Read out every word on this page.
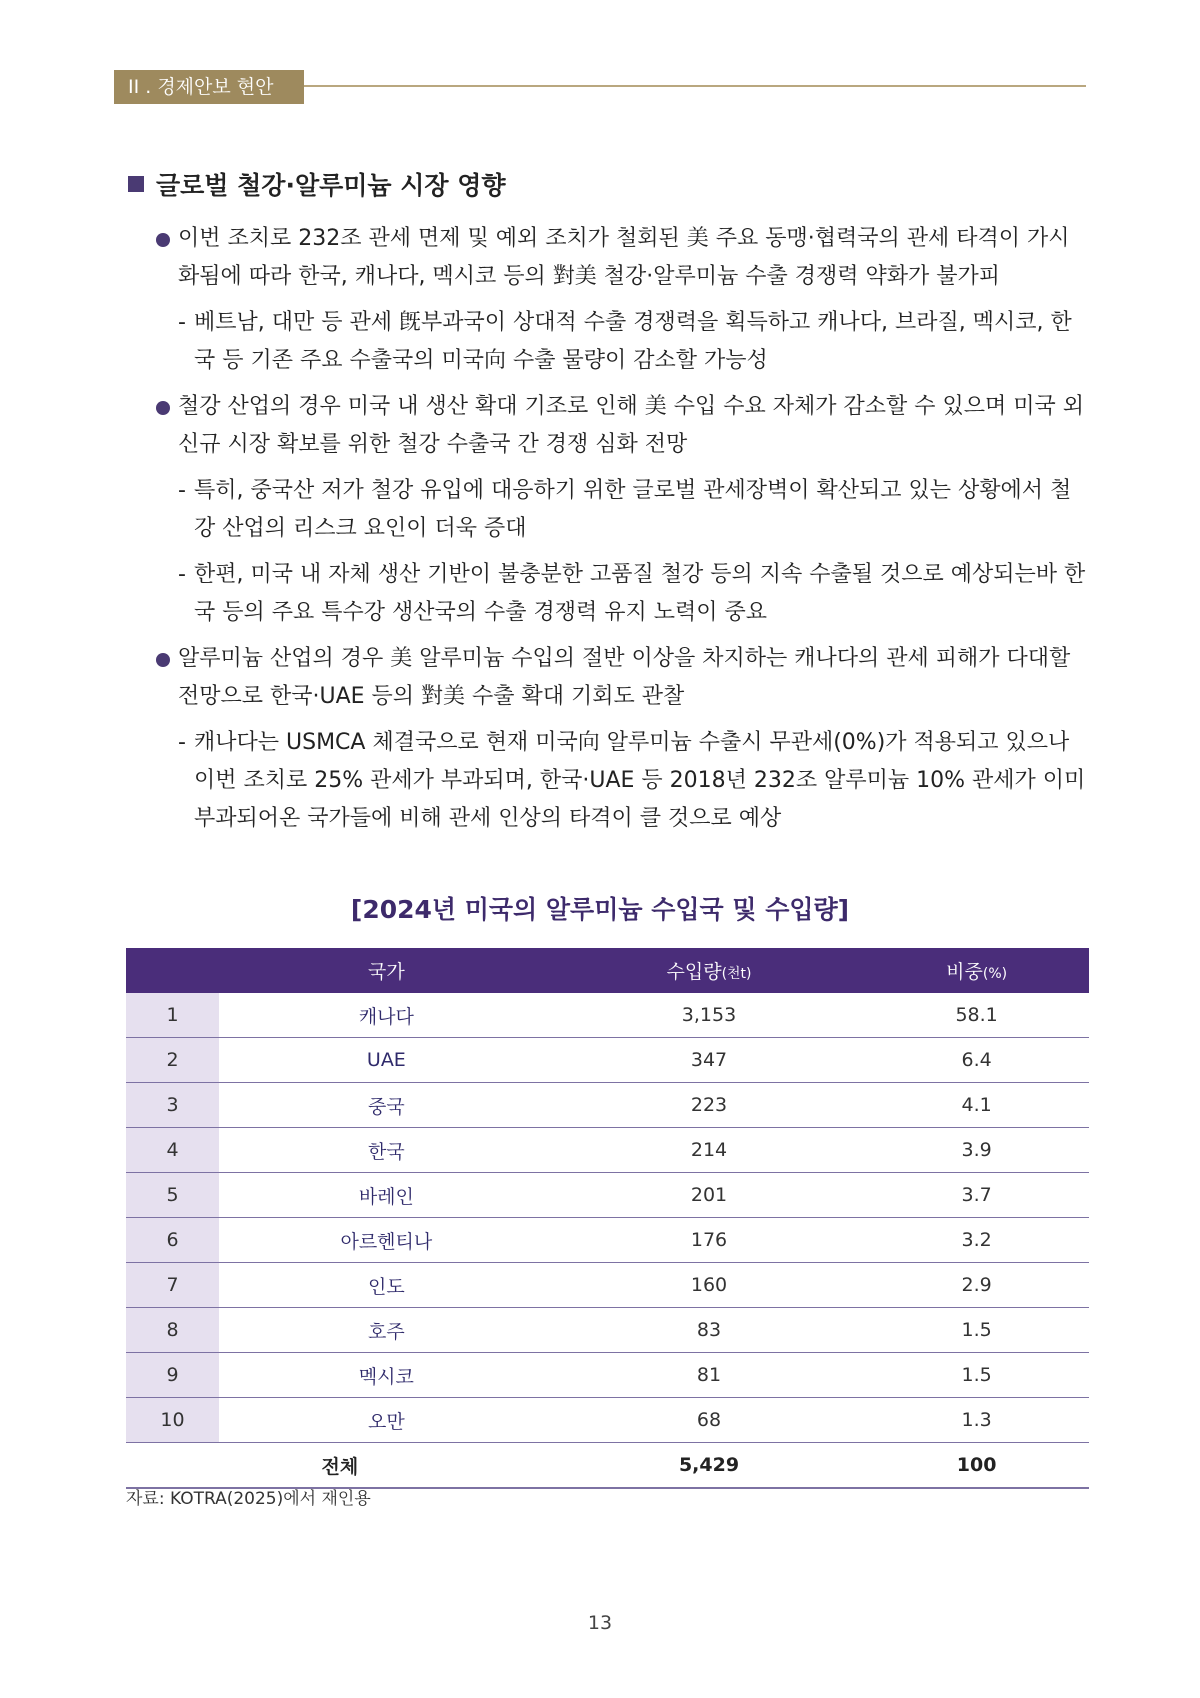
II . 경제안보 현안
글로벌 철강·알루미늄 시장 영향
이번 조치로 232조 관세 면제 및 예외 조치가 철회된 美 주요 동맹·협력국의 관세 타격이 가시화됨에 따라 한국, 캐나다, 멕시코 등의 對美 철강·알루미늄 수출 경쟁력 약화가 불가피
- 베트남, 대만 등 관세 旣부과국이 상대적 수출 경쟁력을 획득하고 캐나다, 브라질, 멕시코, 한국 등 기존 주요 수출국의 미국向 수출 물량이 감소할 가능성
철강 산업의 경우 미국 내 생산 확대 기조로 인해 美 수입 수요 자체가 감소할 수 있으며 미국 외 신규 시장 확보를 위한 철강 수출국 간 경쟁 심화 전망
- 특히, 중국산 저가 철강 유입에 대응하기 위한 글로벌 관세장벽이 확산되고 있는 상황에서 철강 산업의 리스크 요인이 더욱 증대
- 한편, 미국 내 자체 생산 기반이 불충분한 고품질 철강 등의 지속 수출될 것으로 예상되는바 한국 등의 주요 특수강 생산국의 수출 경쟁력 유지 노력이 중요
알루미늄 산업의 경우 美 알루미늄 수입의 절반 이상을 차지하는 캐나다의 관세 피해가 다대할 전망으로 한국·UAE 등의 對美 수출 확대 기회도 관찰
- 캐나다는 USMCA 체결국으로 현재 미국向 알루미늄 수출시 무관세(0%)가 적용되고 있으나 이번 조치로 25% 관세가 부과되며, 한국·UAE 등 2018년 232조 알루미늄 10% 관세가 이미 부과되어온 국가들에 비해 관세 인상의 타격이 클 것으로 예상
[2024년 미국의 알루미늄 수입국 및 수입량]
	국가	수입량(천t)	비중(%)
1	캐나다	3,153	58.1
2	UAE	347	6.4
3	중국	223	4.1
4	한국	214	3.9
5	바레인	201	3.7
6	아르헨티나	176	3.2
7	인도	160	2.9
8	호주	83	1.5
9	멕시코	81	1.5
10	오만	68	1.3
전체		5,429	100
자료: KOTRA(2025)에서 재인용
13
